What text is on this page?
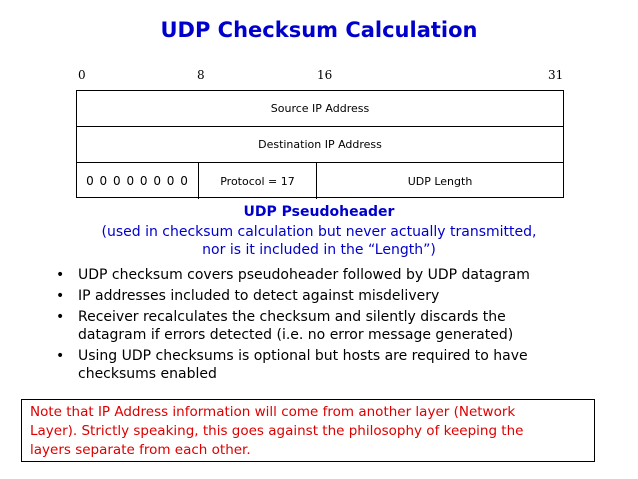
UDP Checksum Calculation
0	8	16	31
Source IP Address
Destination IP Address
0 0 0 0 0 0 0 0	Protocol = 17	UDP Length
UDP Pseudoheader
(used in checksum calculation but never actually transmitted,
nor is it included in the “Length”)
• UDP checksum covers pseudoheader followed by UDP datagram
• IP addresses included to detect against misdelivery
• Receiver recalculates the checksum and silently discards the datagram if errors detected (i.e. no error message generated)
• Using UDP checksums is optional but hosts are required to have checksums enabled
Note that IP Address information will come from another layer (Network
Layer). Strictly speaking, this goes against the philosophy of keeping the
layers separate from each other.
